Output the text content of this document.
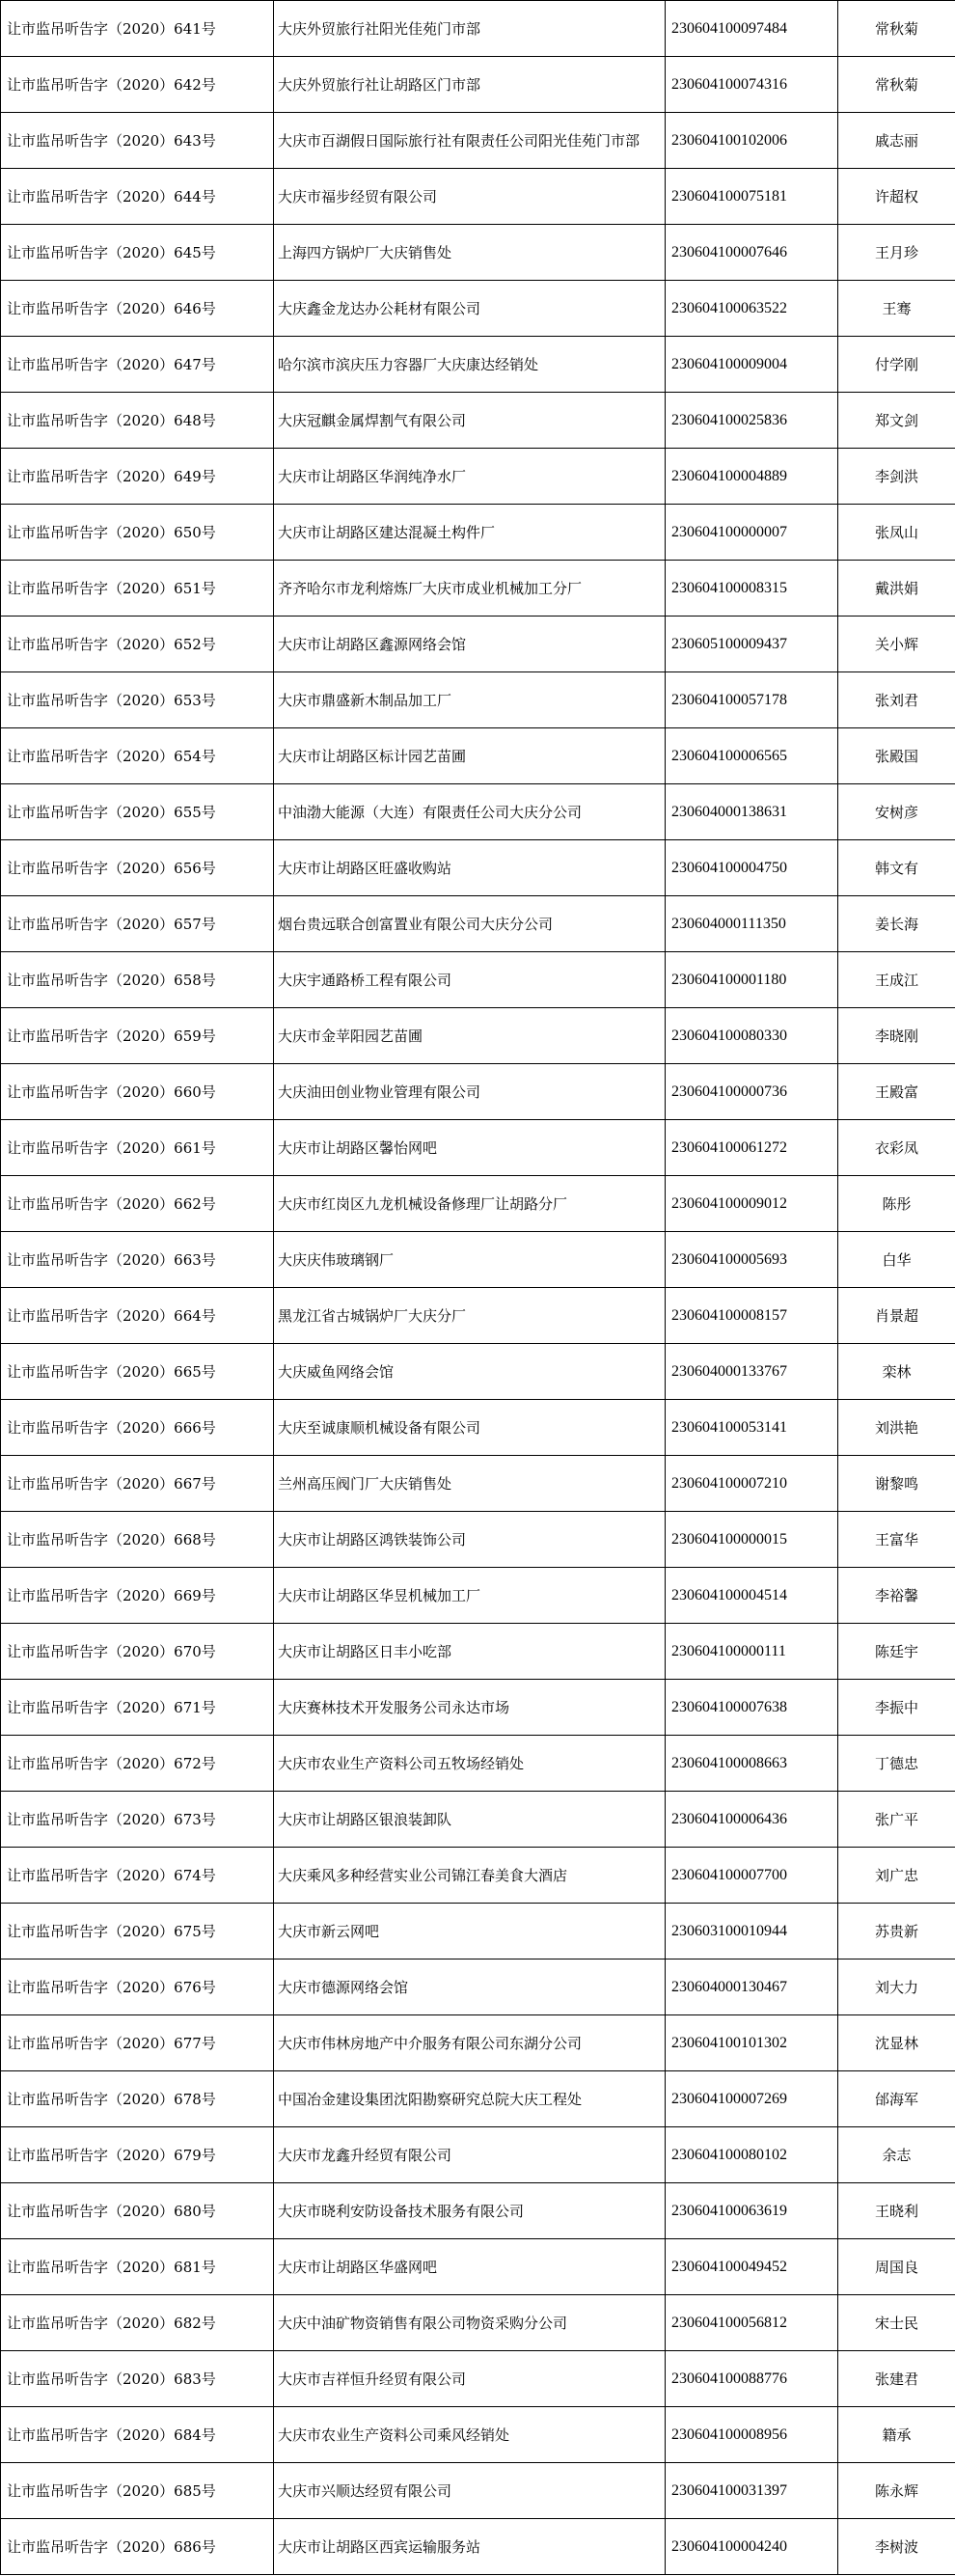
让市监吊听告字（2020）641号	大庆外贸旅行社阳光佳苑门市部	230604100097484	常秋菊
让市监吊听告字（2020）642号	大庆外贸旅行社让胡路区门市部	230604100074316	常秋菊
让市监吊听告字（2020）643号	大庆市百湖假日国际旅行社有限责任公司阳光佳苑门市部	230604100102006	戚志丽
让市监吊听告字（2020）644号	大庆市福步经贸有限公司	230604100075181	许超权
让市监吊听告字（2020）645号	上海四方锅炉厂大庆销售处	230604100007646	王月珍
让市监吊听告字（2020）646号	大庆鑫金龙达办公耗材有限公司	230604100063522	王骞
让市监吊听告字（2020）647号	哈尔滨市滨庆压力容器厂大庆康达经销处	230604100009004	付学刚
让市监吊听告字（2020）648号	大庆冠麒金属焊割气有限公司	230604100025836	郑文剑
让市监吊听告字（2020）649号	大庆市让胡路区华润纯净水厂	230604100004889	李剑洪
让市监吊听告字（2020）650号	大庆市让胡路区建达混凝土构件厂	230604100000007	张凤山
让市监吊听告字（2020）651号	齐齐哈尔市龙利熔炼厂大庆市成业机械加工分厂	230604100008315	戴洪娟
让市监吊听告字（2020）652号	大庆市让胡路区鑫源网络会馆	230605100009437	关小辉
让市监吊听告字（2020）653号	大庆市鼎盛新木制品加工厂	230604100057178	张刘君
让市监吊听告字（2020）654号	大庆市让胡路区标计园艺苗圃	230604100006565	张殿国
让市监吊听告字（2020）655号	中油渤大能源（大连）有限责任公司大庆分公司	230604000138631	安树彦
让市监吊听告字（2020）656号	大庆市让胡路区旺盛收购站	230604100004750	韩文有
让市监吊听告字（2020）657号	烟台贵远联合创富置业有限公司大庆分公司	230604000111350	姜长海
让市监吊听告字（2020）658号	大庆宇通路桥工程有限公司	230604100001180	王成江
让市监吊听告字（2020）659号	大庆市金苹阳园艺苗圃	230604100080330	李晓刚
让市监吊听告字（2020）660号	大庆油田创业物业管理有限公司	230604100000736	王殿富
让市监吊听告字（2020）661号	大庆市让胡路区馨怡网吧	230604100061272	衣彩凤
让市监吊听告字（2020）662号	大庆市红岗区九龙机械设备修理厂让胡路分厂	230604100009012	陈彤
让市监吊听告字（2020）663号	大庆庆伟玻璃钢厂	230604100005693	白华
让市监吊听告字（2020）664号	黑龙江省古城锅炉厂大庆分厂	230604100008157	肖景超
让市监吊听告字（2020）665号	大庆威鱼网络会馆	230604000133767	栾林
让市监吊听告字（2020）666号	大庆至诚康顺机械设备有限公司	230604100053141	刘洪艳
让市监吊听告字（2020）667号	兰州高压阀门厂大庆销售处	230604100007210	谢黎鸣
让市监吊听告字（2020）668号	大庆市让胡路区鸿铁装饰公司	230604100000015	王富华
让市监吊听告字（2020）669号	大庆市让胡路区华昱机械加工厂	230604100004514	李裕馨
让市监吊听告字（2020）670号	大庆市让胡路区日丰小吃部	230604100000111	陈廷宇
让市监吊听告字（2020）671号	大庆赛林技术开发服务公司永达市场	230604100007638	李振中
让市监吊听告字（2020）672号	大庆市农业生产资料公司五牧场经销处	230604100008663	丁德忠
让市监吊听告字（2020）673号	大庆市让胡路区银浪装卸队	230604100006436	张广平
让市监吊听告字（2020）674号	大庆乘风多种经营实业公司锦江春美食大酒店	230604100007700	刘广忠
让市监吊听告字（2020）675号	大庆市新云网吧	230603100010944	苏贵新
让市监吊听告字（2020）676号	大庆市德源网络会馆	230604000130467	刘大力
让市监吊听告字（2020）677号	大庆市伟林房地产中介服务有限公司东湖分公司	230604100101302	沈显林
让市监吊听告字（2020）678号	中国冶金建设集团沈阳勘察研究总院大庆工程处	230604100007269	邰海军
让市监吊听告字（2020）679号	大庆市龙鑫升经贸有限公司	230604100080102	余志
让市监吊听告字（2020）680号	大庆市晓利安防设备技术服务有限公司	230604100063619	王晓利
让市监吊听告字（2020）681号	大庆市让胡路区华盛网吧	230604100049452	周国良
让市监吊听告字（2020）682号	大庆中油矿物资销售有限公司物资采购分公司	230604100056812	宋士民
让市监吊听告字（2020）683号	大庆市吉祥恒升经贸有限公司	230604100088776	张建君
让市监吊听告字（2020）684号	大庆市农业生产资料公司乘风经销处	230604100008956	籍承
让市监吊听告字（2020）685号	大庆市兴顺达经贸有限公司	230604100031397	陈永辉
让市监吊听告字（2020）686号	大庆市让胡路区西宾运输服务站	230604100004240	李树波
